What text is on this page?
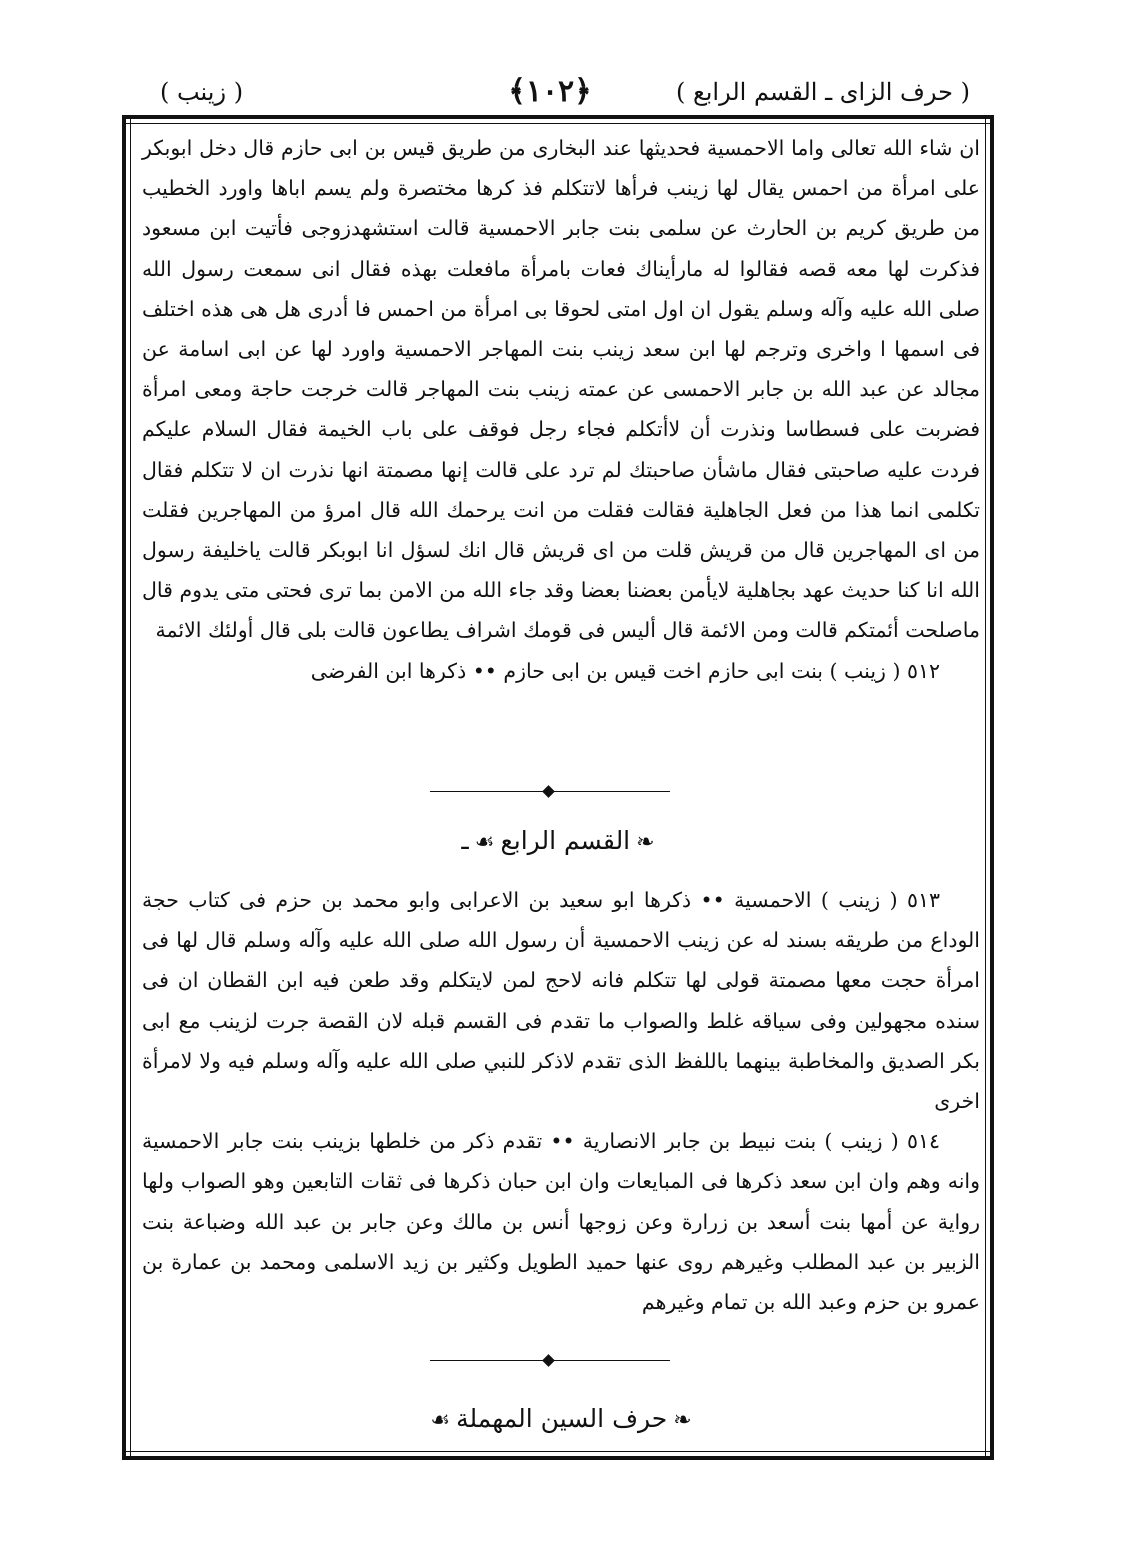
( حرف الزاى ـ القسم الرابع )
﴿١٠٢﴾
( زينب )

ان شاء الله تعالى واما الاحمسية فحديثها عند البخارى من طريق قيس بن ابى حازم قال دخل ابوبكر على امرأة من احمس يقال لها زينب فرأها لاتتكلم فذ كرها مختصرة ولم يسم اباها واورد الخطيب من طريق كريم بن الحارث عن سلمى بنت جابر الاحمسية قالت استشهدزوجى فأتيت ابن مسعود فذكرت لها معه قصه فقالوا له مارأيناك فعات بامرأة مافعلت بهذه فقال انى سمعت رسول الله صلى الله عليه وآله وسلم يقول ان اول امتى لحوقا بى امرأة من احمس فا أدرى هل هى هذه اختلف فى اسمها ا واخرى وترجم لها ابن سعد زينب بنت المهاجر الاحمسية واورد لها عن ابى اسامة عن مجالد عن عبد الله بن جابر الاحمسى عن عمته زينب بنت المهاجر قالت خرجت حاجة ومعى امرأة فضربت على فسطاسا ونذرت أن لاأتكلم فجاء رجل فوقف على باب الخيمة فقال السلام عليكم فردت عليه صاحبتى فقال ماشأن صاحبتك لم ترد على قالت إنها مصمتة انها نذرت ان لا تتكلم فقال تكلمى انما هذا من فعل الجاهلية فقالت فقلت من انت يرحمك الله قال امرؤ من المهاجرين فقلت من اى المهاجرين قال من قريش قلت من اى قريش قال انك لسؤل انا ابوبكر قالت ياخليفة رسول الله انا كنا حديث عهد بجاهلية لايأمن بعضنا بعضا وقد جاء الله من الامن بما ترى فحتى متى يدوم قال ماصلحت أئمتكم قالت ومن الائمة قال أليس فى قومك اشراف يطاعون قالت بلى قال أولئك الائمة

٥١٢ ( زينب ) بنت ابى حازم اخت قيس بن ابى حازم •• ذكرها ابن الفرضى

❧القسم الرابع☙ـ

٥١٣ ( زينب ) الاحمسية •• ذكرها ابو سعيد بن الاعرابى وابو محمد بن حزم فى كتاب حجة الوداع من طريقه بسند له عن زينب الاحمسية أن رسول الله صلى الله عليه وآله وسلم قال لها فى امرأة حجت معها مصمتة قولى لها تتكلم فانه لاحج لمن لايتكلم وقد طعن فيه ابن القطان ان فى سنده مجهولين وفى سياقه غلط والصواب ما تقدم فى القسم قبله لان القصة جرت لزينب مع ابى بكر الصديق والمخاطبة بينهما باللفظ الذى تقدم لاذكر للنبي صلى الله عليه وآله وسلم فيه ولا لامرأة اخرى

٥١٤ ( زينب ) بنت نبيط بن جابر الانصارية •• تقدم ذكر من خلطها بزينب بنت جابر الاحمسية وانه وهم وان ابن سعد ذكرها فى المبايعات وان ابن حبان ذكرها فى ثقات التابعين وهو الصواب ولها رواية عن أمها بنت أسعد بن زرارة وعن زوجها أنس بن مالك وعن جابر بن عبد الله وضباعة بنت الزبير بن عبد المطلب وغيرهم روى عنها حميد الطويل وكثير بن زيد الاسلمى ومحمد بن عمارة بن عمرو بن حزم وعبد الله بن تمام وغيرهم

❧حرف السين المهملة☙
